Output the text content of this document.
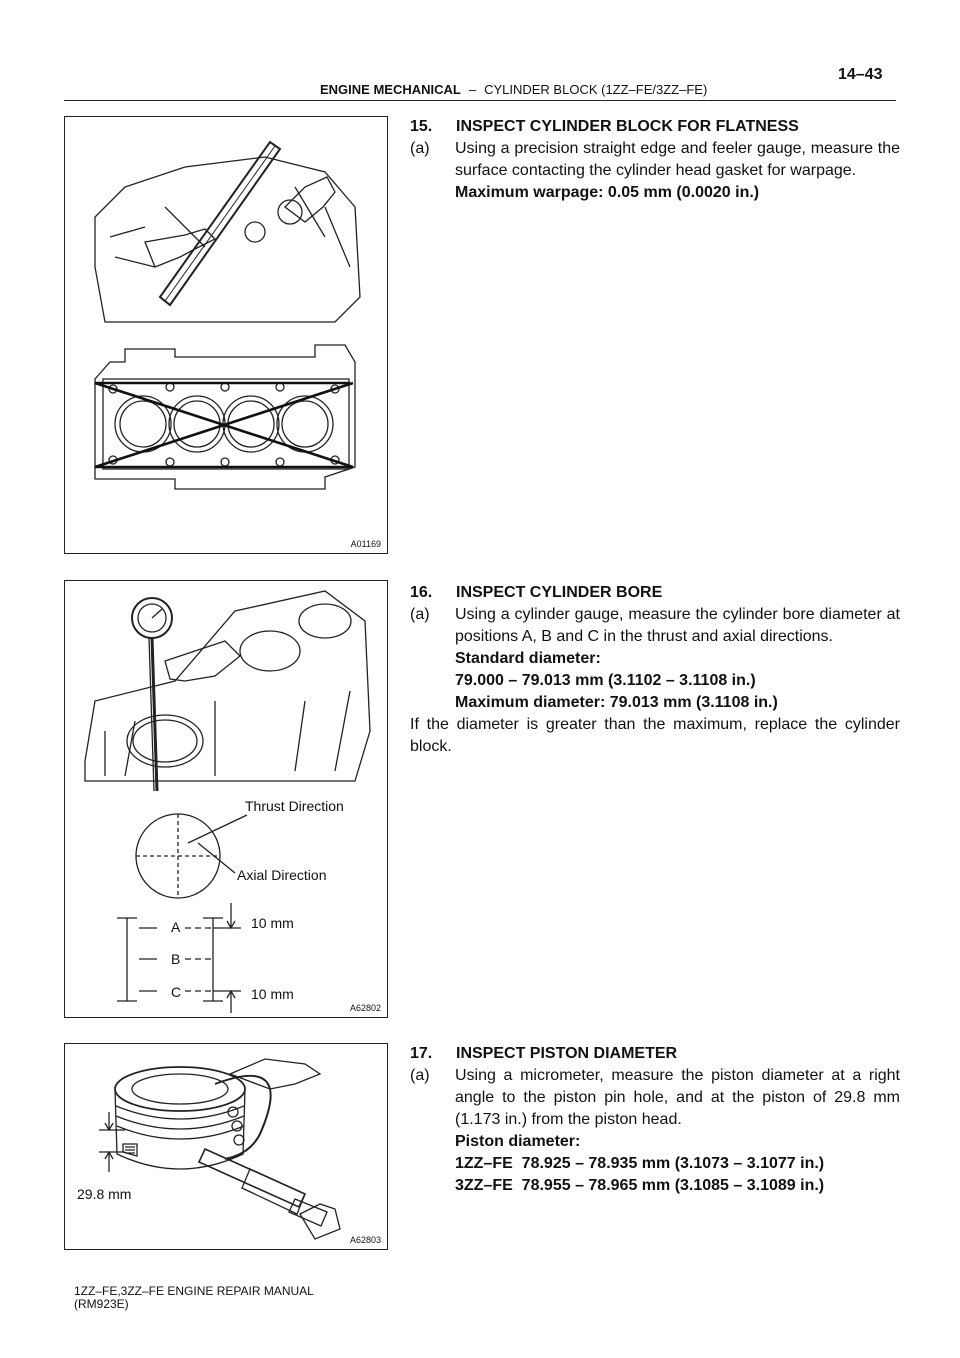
ENGINE MECHANICAL – CYLINDER BLOCK (1ZZ–FE/3ZZ–FE)
14–43
A01169
Thrust Direction
Axial Direction
A
B
C
10 mm
10 mm
A62802
29.8 mm
A62803

15. INSPECT CYLINDER BLOCK FOR FLATNESS

(a)	Using a precision straight edge and feeler gauge, measure the surface contacting the cylinder head gasket for warpage.

Maximum warpage: 0.05 mm (0.0020 in.)

16. INSPECT CYLINDER BORE

(a)	Using a cylinder gauge, measure the cylinder bore diameter at positions A, B and C in the thrust and axial directions.

Standard diameter:

79.000 – 79.013 mm (3.1102 – 3.1108 in.)

Maximum diameter: 79.013 mm (3.1108 in.)

If the diameter is greater than the maximum, replace the cylinder block.

17. INSPECT PISTON DIAMETER

(a)	Using a micrometer, measure the piston diameter at a right angle to the piston pin hole, and at the piston of 29.8 mm (1.173 in.) from the piston head.

Piston diameter:

1ZZ–FE  78.925 – 78.935 mm (3.1073 – 3.1077 in.)

3ZZ–FE  78.955 – 78.965 mm (3.1085 – 3.1089 in.)

1ZZ–FE,3ZZ–FE ENGINE REPAIR MANUAL
(RM923E)
